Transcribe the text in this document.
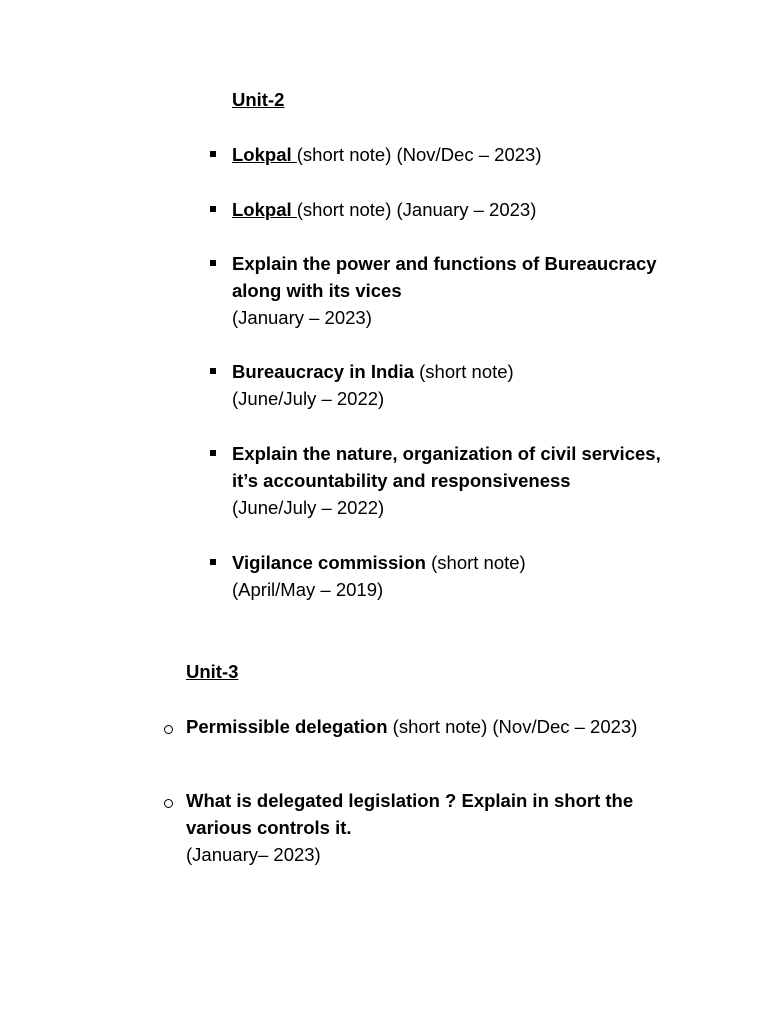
Unit-2
Lokpal (short note) (Nov/Dec – 2023)
Lokpal (short note) (January – 2023)
Explain the power and functions of Bureaucracy
along with its vices
(January – 2023)
Bureaucracy in India (short note)
(June/July – 2022)
Explain the nature, organization of civil services,
it’s accountability and responsiveness
(June/July – 2022)
Vigilance commission (short note)
(April/May – 2019)
Unit-3
Permissible delegation (short note) (Nov/Dec – 2023)
What is delegated legislation ? Explain in short the
various controls it.
(January– 2023)
